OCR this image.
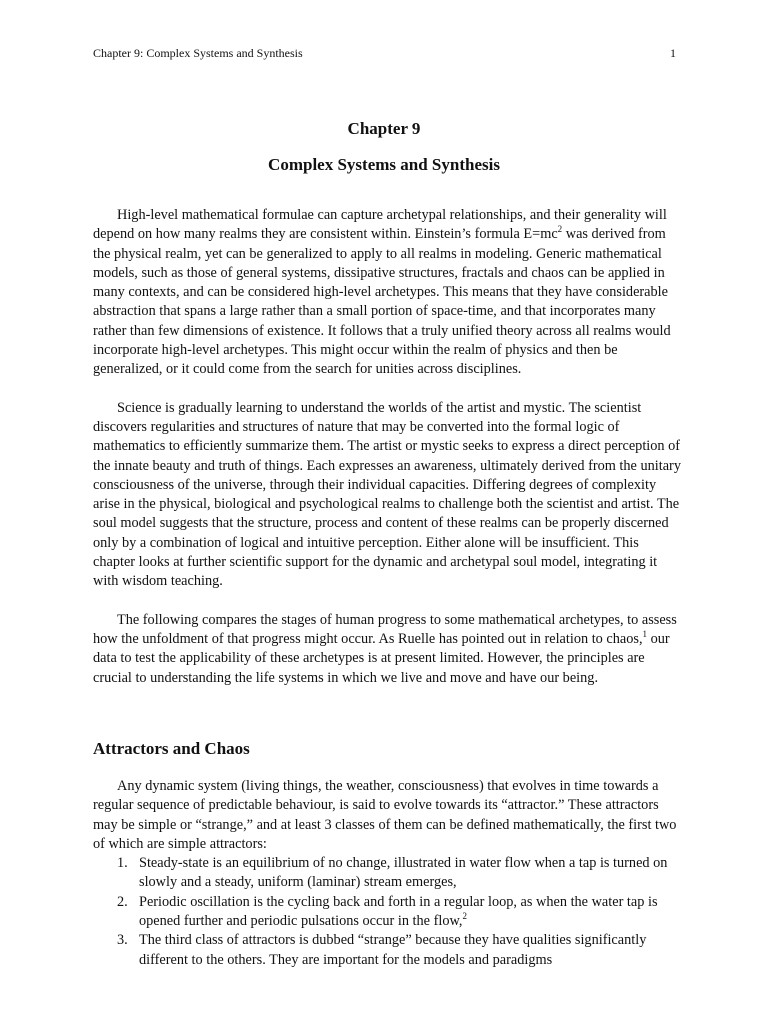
Chapter 9: Complex Systems and Synthesis	1
Chapter 9
Complex Systems and Synthesis

High-level mathematical formulae can capture archetypal relationships, and their generality will depend on how many realms they are consistent within. Einstein’s formula $E=mc^2$ was derived from the physical realm, yet can be generalized to apply to all realms in modeling. Generic mathematical models, such as those of general systems, dissipative structures, fractals and chaos can be applied in many contexts, and can be considered high-level archetypes. This means that they have considerable abstraction that spans a large rather than a small portion of space-time, and that incorporates many rather than few dimensions of existence. It follows that a truly unified theory across all realms would incorporate high-level archetypes. This might occur within the realm of physics and then be generalized, or it could come from the search for unities across disciplines.

Science is gradually learning to understand the worlds of the artist and mystic. The scientist discovers regularities and structures of nature that may be converted into the formal logic of mathematics to efficiently summarize them. The artist or mystic seeks to express a direct perception of the innate beauty and truth of things. Each expresses an awareness, ultimately derived from the unitary consciousness of the universe, through their individual capacities. Differing degrees of complexity arise in the physical, biological and psychological realms to challenge both the scientist and artist. The soul model suggests that the structure, process and content of these realms can be properly discerned only by a combination of logical and intuitive perception. Either alone will be insufficient. This chapter looks at further scientific support for the dynamic and archetypal soul model, integrating it with wisdom teaching.

The following compares the stages of human progress to some mathematical archetypes, to assess how the unfoldment of that progress might occur. As Ruelle has pointed out in relation to chaos,$^1$ our data to test the applicability of these archetypes is at present limited. However, the principles are crucial to understanding the life systems in which we live and move and have our being.

Attractors and Chaos

Any dynamic system (living things, the weather, consciousness) that evolves in time towards a regular sequence of predictable behaviour, is said to evolve towards its “attractor.” These attractors may be simple or “strange,” and at least 3 classes of them can be defined mathematically, the first two of which are simple attractors:

1. Steady-state is an equilibrium of no change, illustrated in water flow when a tap is turned on slowly and a steady, uniform (laminar) stream emerges,
2. Periodic oscillation is the cycling back and forth in a regular loop, as when the water tap is opened further and periodic pulsations occur in the flow,$^2$
3. The third class of attractors is dubbed “strange” because they have qualities significantly different to the others. They are important for the models and paradigms
